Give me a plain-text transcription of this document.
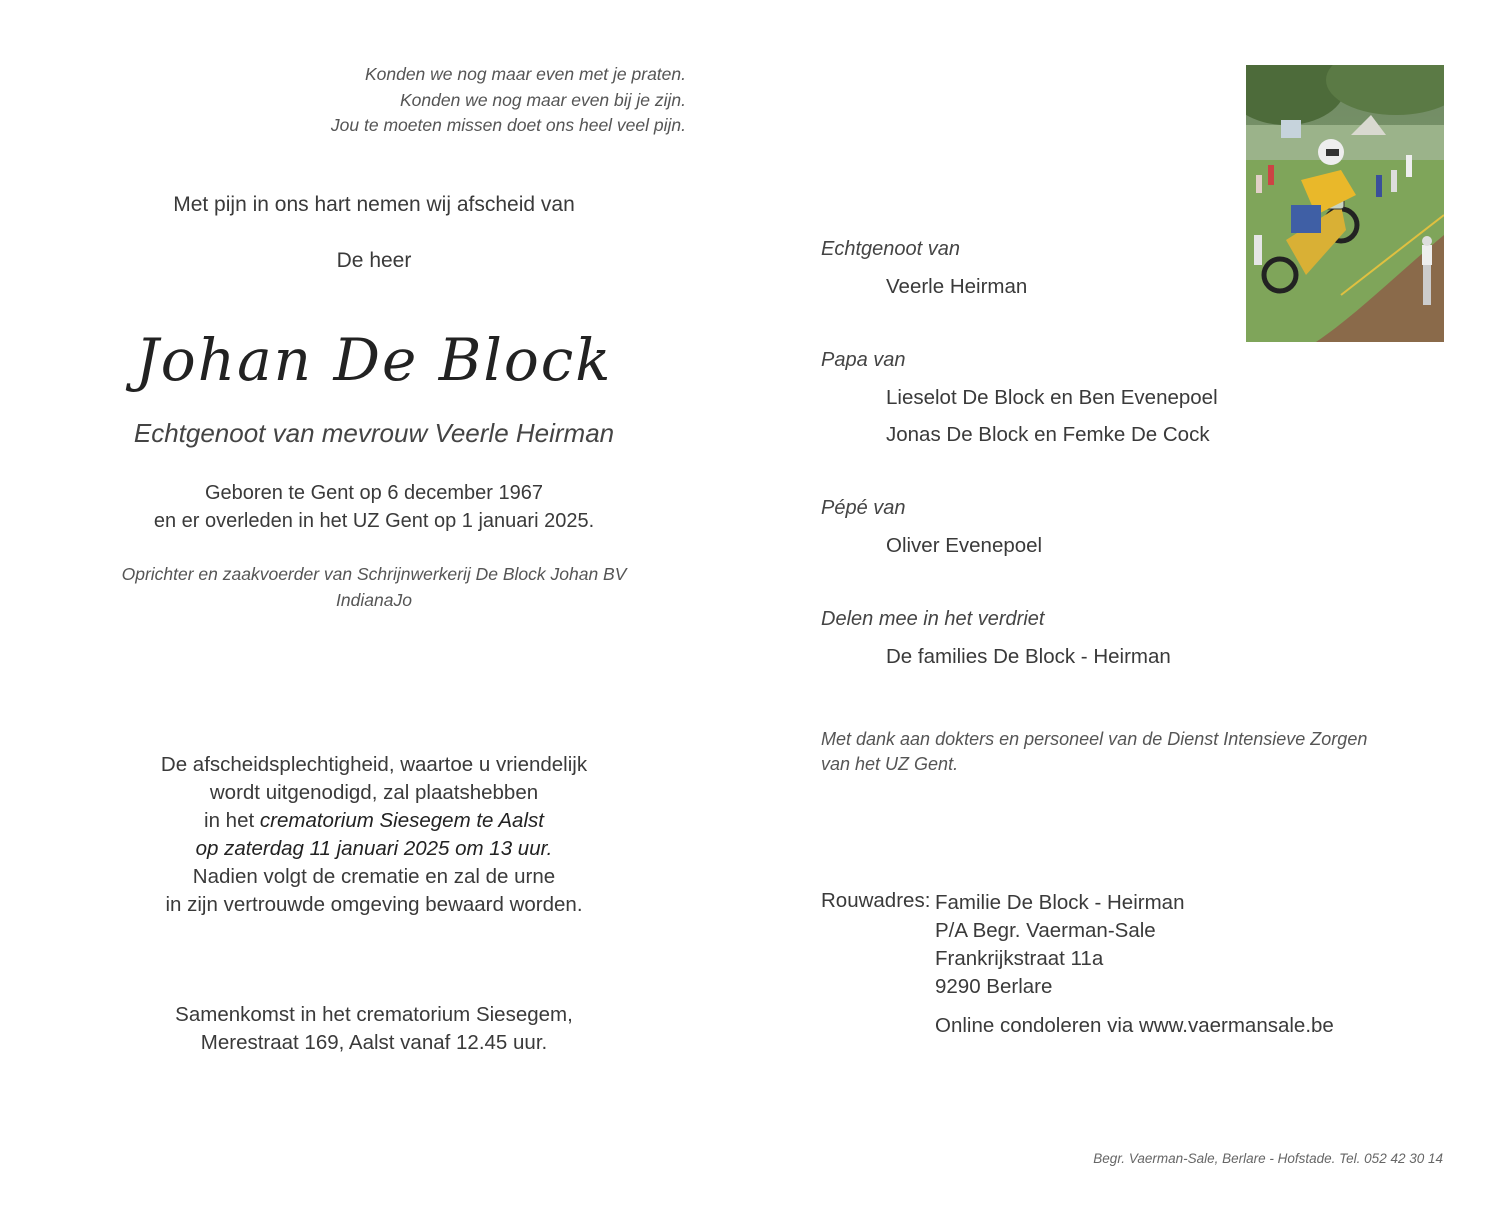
Konden we nog maar even met je praten.
Konden we nog maar even bij je zijn.
Jou te moeten missen doet ons heel veel pijn.
Met pijn in ons hart nemen wij afscheid van
De heer
Johan De Block
Echtgenoot van mevrouw Veerle Heirman
Geboren te Gent op 6 december 1967
en er overleden in het UZ Gent op 1 januari 2025.
Oprichter en zaakvoerder van Schrijnwerkerij De Block Johan BV
IndianaJo
De afscheidsplechtigheid, waartoe u vriendelijk
wordt uitgenodigd, zal plaatshebben
in het crematorium Siesegem te Aalst
op zaterdag 11 januari 2025 om 13 uur.
Nadien volgt de crematie en zal de urne
in zijn vertrouwde omgeving bewaard worden.
Samenkomst in het crematorium Siesegem,
Merestraat 169, Aalst vanaf 12.45 uur.
Echtgenoot van
Veerle Heirman
Papa van
Lieselot De Block en Ben Evenepoel
Jonas De Block en Femke De Cock
Pépé van
Oliver Evenepoel
Delen mee in het verdriet
De families De Block - Heirman
Met dank aan dokters en personeel van de Dienst Intensieve Zorgen
van het UZ Gent.
Rouwadres: Familie De Block - Heirman
P/A Begr. Vaerman-Sale
Frankrijkstraat 11a
9290 Berlare
Online condoleren via www.vaermansale.be
Begr. Vaerman-Sale, Berlare - Hofstade. Tel. 052 42 30 14
